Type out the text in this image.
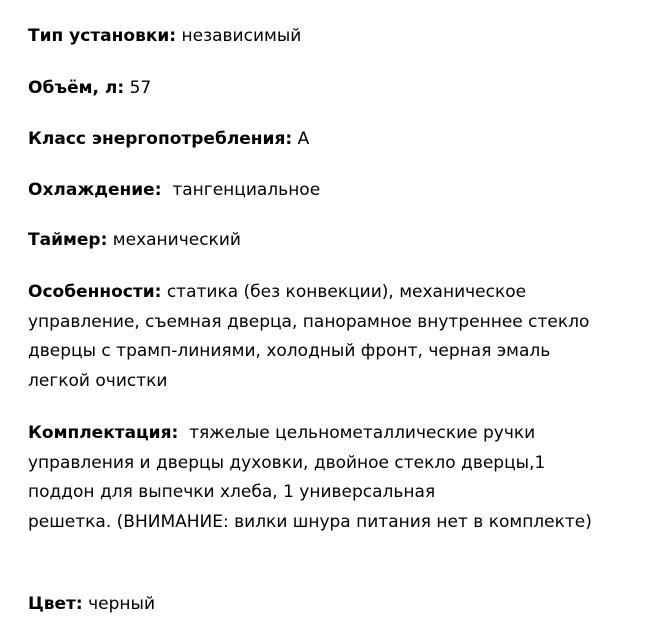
Тип установки: независимый

Объём, л: 57

Класс энергопотребления: А

Охлаждение: тангенциальное

Таймер: механический

Особенности: статика (без конвекции), механическое
управление, съемная дверца, панорамное внутреннее стекло
дверцы с трамп-линиями, холодный фронт, черная эмаль
легкой очистки
Комплектация: тяжелые цельнометаллические ручки
управления и дверцы духовки, двойное стекло дверцы,1
поддон для выпечки хлеба, 1 универсальная
решетка. (ВНИМАНИЕ: вилки шнура питания нет в комплекте)

Цвет: черный
